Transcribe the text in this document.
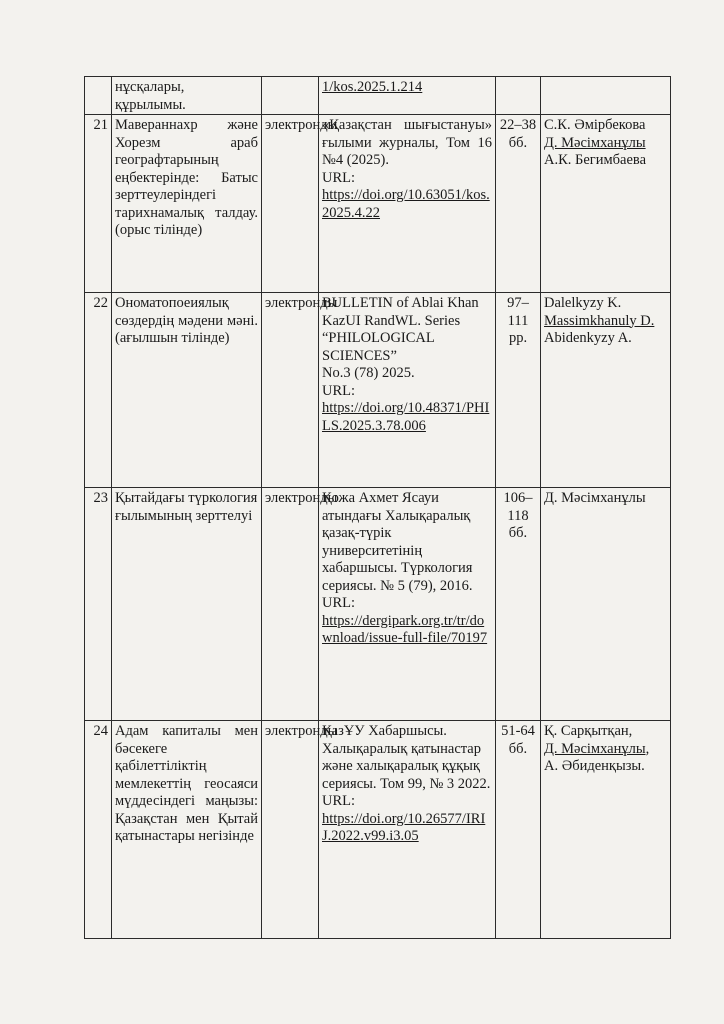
	нұсқалары, құрылымы.		1/kos.2025.1.214		
21	Мавераннахр және Хорезм араб географтарының еңбектерінде: Батыс зерттеулеріндегі тарихнамалық талдау. (орыс тілінде)	электронды	«Қазақстан шығыстануы» ғылыми журналы, Том 16 №4 (2025).
URL:
https://doi.org/10.63051/kos.2025.4.22	22–38 бб.	С.К. Әмірбекова
Д. Мәсімханұлы
А.К. Бегимбаева

22	Ономатопоеиялық сөздердің мәдени мәні. (ағылшын тілінде)	электронды	BULLETIN of Ablai Khan KazUI RandWL. Series “PHILOLOGICAL SCIENCES”
No.3 (78) 2025.
URL:
https://doi.org/10.48371/PHILS.2025.3.78.006	97–111 pp.	Dalelkyzy K.
Massimkhanuly D.
Abidenkyzy A.

23	Қытайдағы түркология ғылымының зерттелуі	электронды	Қожа Ахмет Ясауи атындағы Халықаралық қазақ-түрік университетінің хабаршысы. Түркология сериясы. № 5 (79), 2016.
URL:
https://dergipark.org.tr/tr/download/issue-full-file/70197	106–118 бб.	Д. Мәсімханұлы

24	Адам капиталы мен бәсекеге қабілеттіліктің мемлекеттің геосаяси мүддесіндегі маңызы: Қазақстан мен Қытай қатынастары негізінде	электронды	ҚазҰУ Хабаршысы. Халықаралық қатынастар және халықаралық құқық сериясы. Том 99, № 3 2022.
URL:
https://doi.org/10.26577/IRIJ.2022.v99.i3.05	51-64 бб.	Қ. Сарқытқан,
Д. Мәсімханұлы,
А. Әбиденқызы.
